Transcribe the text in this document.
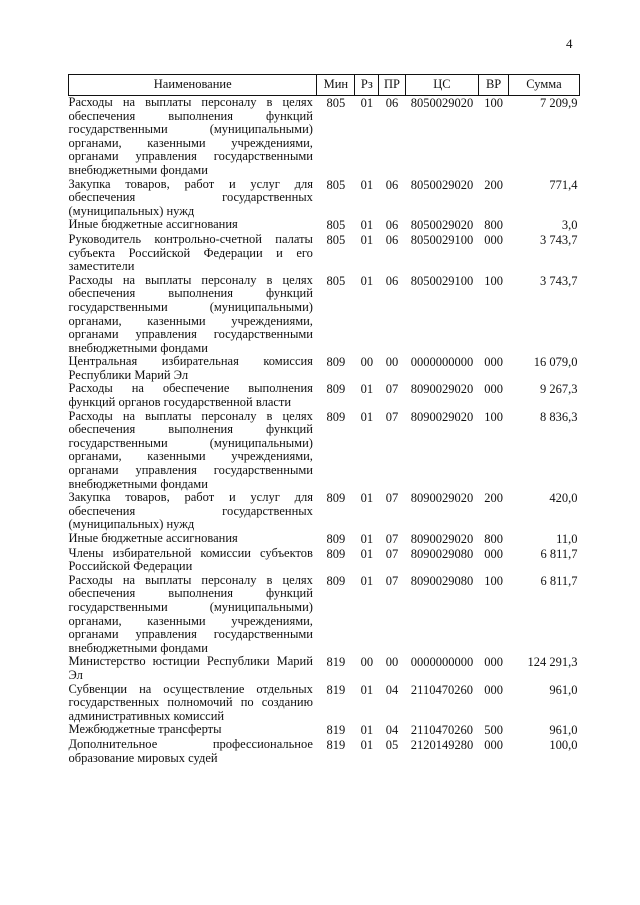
4
Наименование	Мин	Рз	ПР	ЦС	ВР	Сумма
Расходы на выплаты персоналу в целях обеспечения выполнения функций государственными (муниципальными) органами, казенными учреждениями, органами управления государственными внебюджетными фондами	805	01	06	8050029020	100	7 209,9
Закупка товаров, работ и услуг для обеспечения государственных (муниципальных) нужд	805	01	06	8050029020	200	771,4
Иные бюджетные ассигнования	805	01	06	8050029020	800	3,0
Руководитель контрольно-счетной палаты субъекта Российской Федерации и его заместители	805	01	06	8050029100	000	3 743,7
Расходы на выплаты персоналу в целях обеспечения выполнения функций государственными (муниципальными) органами, казенными учреждениями, органами управления государственными внебюджетными фондами	805	01	06	8050029100	100	3 743,7
Центральная избирательная комиссия Республики Марий Эл	809	00	00	0000000000	000	16 079,0
Расходы на обеспечение выполнения функций органов государственной власти	809	01	07	8090029020	000	9 267,3
Расходы на выплаты персоналу в целях обеспечения выполнения функций государственными (муниципальными) органами, казенными учреждениями, органами управления государственными внебюджетными фондами	809	01	07	8090029020	100	8 836,3
Закупка товаров, работ и услуг для обеспечения государственных (муниципальных) нужд	809	01	07	8090029020	200	420,0
Иные бюджетные ассигнования	809	01	07	8090029020	800	11,0
Члены избирательной комиссии субъектов Российской Федерации	809	01	07	8090029080	000	6 811,7
Расходы на выплаты персоналу в целях обеспечения выполнения функций государственными (муниципальными) органами, казенными учреждениями, органами управления государственными внебюджетными фондами	809	01	07	8090029080	100	6 811,7
Министерство юстиции Республики Марий Эл	819	00	00	0000000000	000	124 291,3
Субвенции на осуществление отдельных государственных полномочий по созданию административных комиссий	819	01	04	2110470260	000	961,0
Межбюджетные трансферты	819	01	04	2110470260	500	961,0
Дополнительное профессиональное образование мировых судей	819	01	05	2120149280	000	100,0
